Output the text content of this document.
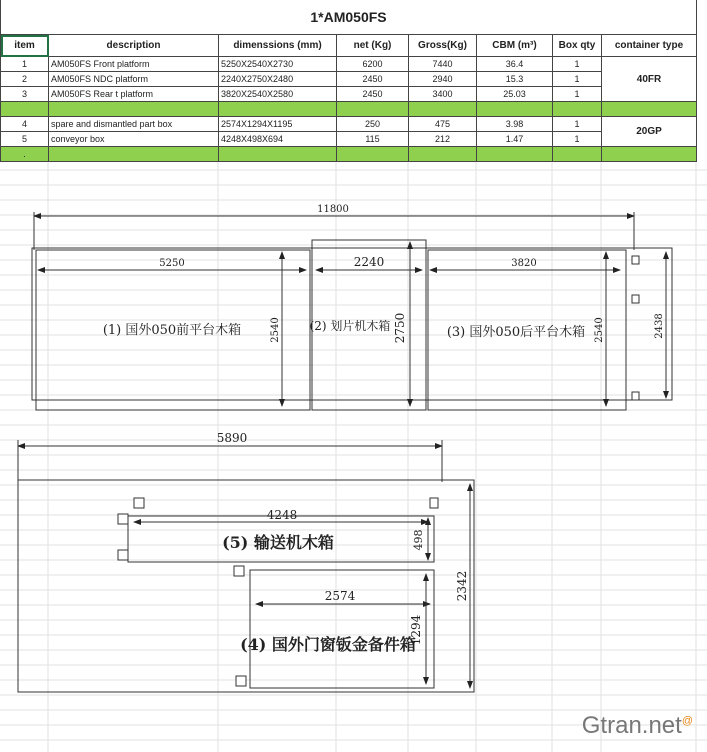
1*AM050FS							
item	description	dimenssions (mm)	net (Kg)	Gross(Kg)	CBM (m³)	Box qty	container type
1	AM050FS Front platform	5250X2540X2730	6200	7440	36.4	1	40FR
2	AM050FS NDC platform	2240X2750X2480	2450	2940	15.3	1	
3	AM050FS Rear t platform	3820X2540X2580	2450	3400	25.03	1	

4	spare and dismantled part box	2574X1294X1195	250	475	3.98	1	20GP
5	conveyor box	4248X498X694	115	212	1.47	1	
.							
11800
5250	2240	3820
2540	2750	2540	2438
(1) 国外050前平台木箱	(2) 划片机木箱	(3) 国外050后平台木箱
5890
4248
498
2574
1294
2342
(5) 输送机木箱
(4) 国外门窗钣金备件箱
Gtran.net@
